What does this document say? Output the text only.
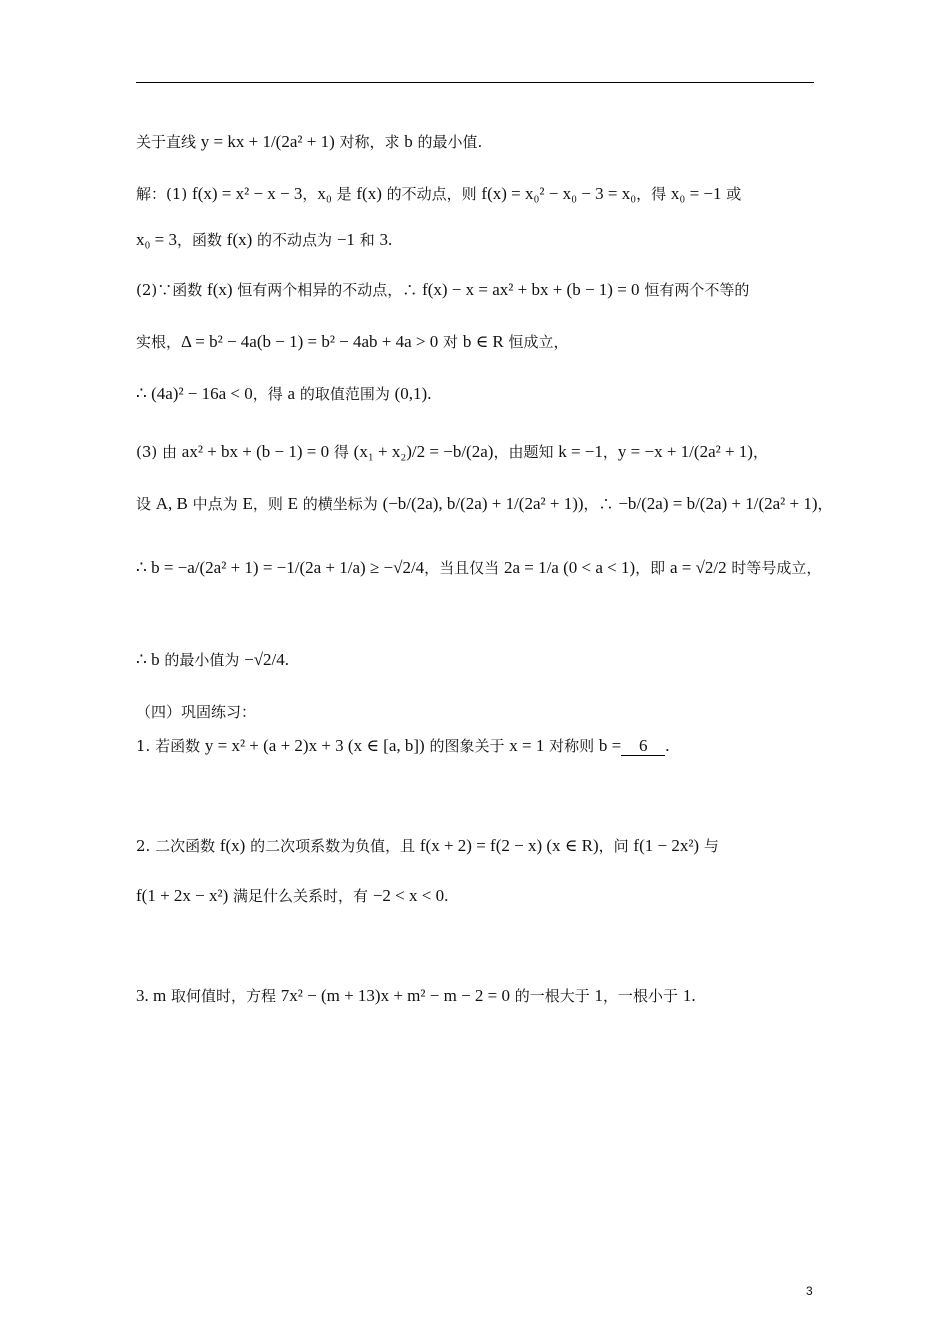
关于直线 y = kx + 1/(2a² + 1) 对称，求 b 的最小值.
解：(1) f(x) = x² − x − 3，x₀ 是 f(x) 的不动点，则 f(x) = x₀² − x₀ − 3 = x₀，得 x₀ = −1 或
x₀ = 3，函数 f(x) 的不动点为 −1 和 3.
(2)∵函数 f(x) 恒有两个相异的不动点，∴ f(x) − x = ax² + bx + (b − 1) = 0 恒有两个不等的
实根，Δ = b² − 4a(b − 1) = b² − 4ab + 4a > 0 对 b ∈ R 恒成立，
∴ (4a)² − 16a < 0，得 a 的取值范围为 (0,1).
(3) 由 ax² + bx + (b − 1) = 0 得 (x₁ + x₂)/2 = −b/(2a)，由题知 k = −1，y = −x + 1/(2a² + 1)，
设 A, B 中点为 E，则 E 的横坐标为 (−b/(2a), b/(2a) + 1/(2a² + 1))，∴ −b/(2a) = b/(2a) + 1/(2a² + 1)，
∴ b = −a/(2a² + 1) = −1/(2a + 1/a) ≥ −√2/4，当且仅当 2a = 1/a (0 < a < 1)，即 a = √2/2 时等号成立，
∴ b 的最小值为 −√2/4.
（四）巩固练习：
1. 若函数 y = x² + (a + 2)x + 3 (x ∈ [a, b]) 的图象关于 x = 1 对称则 b = 6 .
2. 二次函数 f(x) 的二次项系数为负值，且 f(x + 2) = f(2 − x) (x ∈ R)，问 f(1 − 2x²) 与
f(1 + 2x − x²) 满足什么关系时，有 −2 < x < 0.
3. m 取何值时，方程 7x² − (m + 13)x + m² − m − 2 = 0 的一根大于 1，一根小于 1.
3
